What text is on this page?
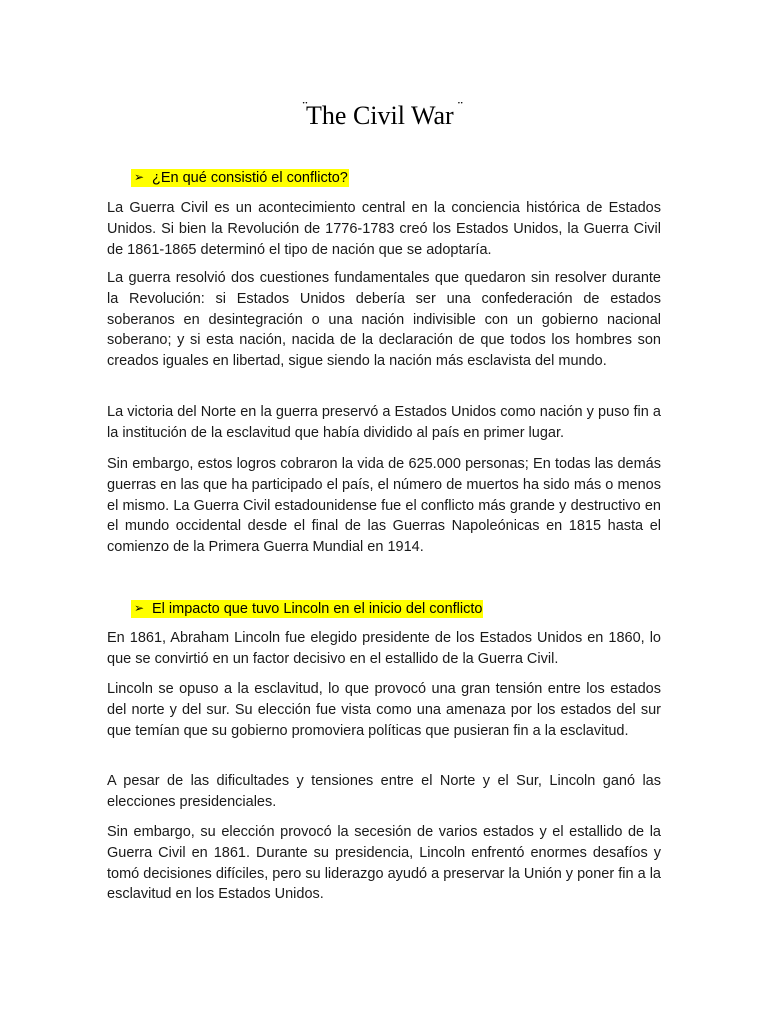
The Civil War ¨
➢ ¿En qué consistió el conflicto?

La Guerra Civil es un acontecimiento central en la conciencia histórica de Estados Unidos. Si bien la Revolución de 1776-1783 creó los Estados Unidos, la Guerra Civil de 1861-1865 determinó el tipo de nación que se adoptaría.

La guerra resolvió dos cuestiones fundamentales que quedaron sin resolver durante la Revolución: si Estados Unidos debería ser una confederación de estados soberanos en desintegración o una nación indivisible con un gobierno nacional soberano; y si esta nación, nacida de la declaración de que todos los hombres son creados iguales en libertad, sigue siendo la nación más esclavista del mundo.

La victoria del Norte en la guerra preservó a Estados Unidos como nación y puso fin a la institución de la esclavitud que había dividido al país en primer lugar.

Sin embargo, estos logros cobraron la vida de 625.000 personas; En todas las demás guerras en las que ha participado el país, el número de muertos ha sido más o menos el mismo. La Guerra Civil estadounidense fue el conflicto más grande y destructivo en el mundo occidental desde el final de las Guerras Napoleónicas en 1815 hasta el comienzo de la Primera Guerra Mundial en 1914.

➢ El impacto que tuvo Lincoln en el inicio del conflicto

En 1861, Abraham Lincoln fue elegido presidente de los Estados Unidos en 1860, lo que se convirtió en un factor decisivo en el estallido de la Guerra Civil.

Lincoln se opuso a la esclavitud, lo que provocó una gran tensión entre los estados del norte y del sur. Su elección fue vista como una amenaza por los estados del sur que temían que su gobierno promoviera políticas que pusieran fin a la esclavitud.

A pesar de las dificultades y tensiones entre el Norte y el Sur, Lincoln ganó las elecciones presidenciales.

Sin embargo, su elección provocó la secesión de varios estados y el estallido de la Guerra Civil en 1861. Durante su presidencia, Lincoln enfrentó enormes desafíos y tomó decisiones difíciles, pero su liderazgo ayudó a preservar la Unión y poner fin a la esclavitud en los Estados Unidos.
